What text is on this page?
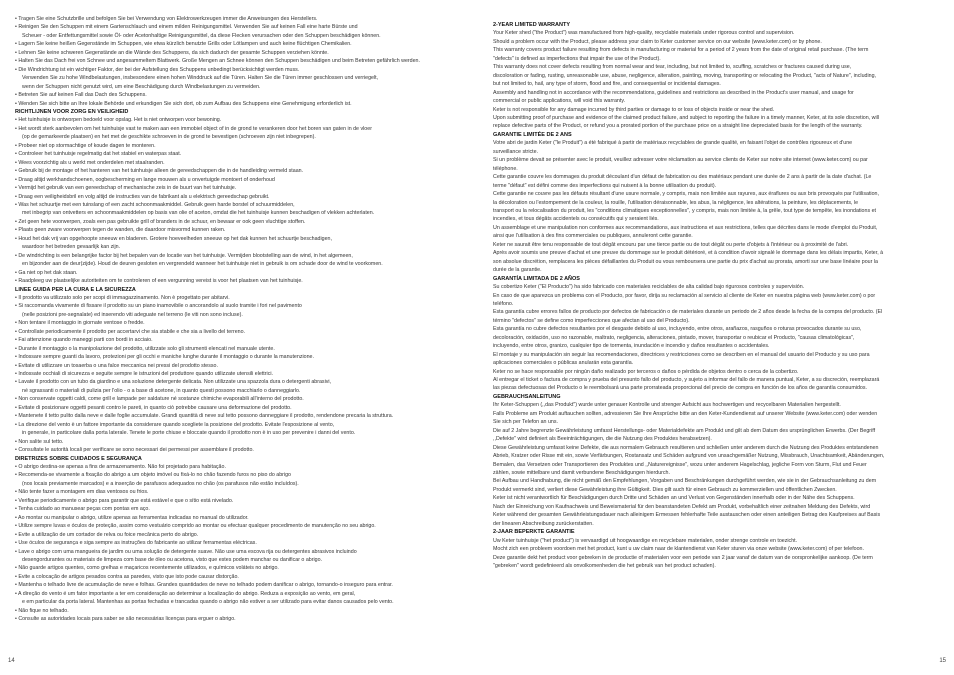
• Tragen Sie eine Schutzbrille und befolgen Sie bei Verwendung von Elektrowerkzeugen immer die Anweisungen des Herstellers.
• Reinigen Sie den Schuppen mit einem Gartenschlauch und einem milden Reinigungsmittel. Verwenden Sie auf keinen Fall eine harte Bürste und
Scheuer - oder Entfettungsmittel sowie Öl- oder Acetonhaltige Reinigungsmittel, da diese Flecken verursachen oder den Schuppen beschädigen können.
• Lagern Sie keine heißen Gegenstände im Schuppen, wie etwa kürzlich benutzte Grills oder Lötlampen und auch keine flüchtigen Chemikalien.
• Lehnen Sie keine schweren Gegenstände an die Wände des Schuppens, da sich dadurch der gesamte Schuppen verziehen könnte.
• Halten Sie das Dach frei von Schnee und angesammeltem Blattwerk. Große Mengen an Schnee können den Schuppen beschädigen und beim Betreten gefährlich werden.
• Die Windrichtung ist ein wichtiger Faktor, der bei der Aufstellung des Schuppens unbedingt berücksichtigt werden muss.
Verwenden Sie zu hohe Windbelastungen, insbesondere einen hohen Winddruck auf die Türen. Halten Sie die Türen immer geschlossen und verriegelt,
wenn der Schuppen nicht genutzt wird, um eine Beschädigung durch Windbelastungen zu vermeiden.
• Betreten Sie auf keinen Fall das Dach des Schuppens.
• Wenden Sie sich bitte an Ihre lokale Behörde und erkundigen Sie sich dort, ob zum Aufbau des Schuppens eine Genehmigung erforderlich ist.
RICHTLIJNEN VOOR ZORG EN VEILIGHEID
• Het tuinhuisje is ontworpen bedoeld voor opslag. Het is niet ontworpen voor bewoning.
• Het wordt sterk aanbevolen om het tuinhuisje vast te maken aan een immobiel object of in de grond te verankeren door het boren van gaten in de vloer
(op de gemarkeerde plaatsen) en het met de geschikte schroeven in de grond te bevestigen (schroeven zijn niet inbegrepen).
• Probeer niet op stormachtige of koude dagen te monteren.
• Controleer het tuinhuisje regelmatig dat het stabiel en waterpas staat.
• Wees voorzichtig als u werkt met onderdelen met staalranden.
• Gebruik bij de montage of het hanteren van het tuinhuisje alleen de gereedschappen die in de handleiding vermeld staan.
• Draag altijd werkhandschoenen, oogbescherming en lange mouwen als u onvertuigde montoert of onderhoud
• Vermijd het gebruik van een gereedschap of mechanische zeis in de buurt van het tuinhuisje.
• Draag een veiligheidsbril en volg altijd de instructies van de fabrikant als u elektrisch gereedschap gebruikt.
• Was het schuurtje met een tuinslang of een zacht schoonmaakmiddel. Gebruik geen harde borstel of schuurmiddelen,
met inbegrip van ontvetters en schoonmaakmiddelen op basis van olie of aceton, omdat die het tuinhuisje kunnen beschadigen of vlekken achterlaten.
• Zet geen hete voorwerpen, zoals een pas gebruikte grill of branders in de schuur, en bewaar er ook geen vluchtige stoffen.
• Plaats geen zware voorwerpen tegen de wanden, die daardoor misvormd kunnen raken.
• Houd het dak vrij van opgehoopte sneeuw en bladeren. Grotere hoeveelheden sneeuw op het dak kunnen het schuurtje beschadigen,
waardoor het betreden gevaarlijk kan zijn.
• De windrichting is een belangrijke factor bij het bepalen van de locatie van het tuinhuisje. Vermijden blootstelling aan de wind, in het algemeen,
en bijzonder aan de deur(zijde). Houd de deuren gesloten en vergrendeld wanneer het tuinhuisje niet in gebruik is om schade door de wind te voorkomen.
• Ga niet op het dak staan.
• Raadpleeg uw plaatselijke autoriteiten om te controleren of een vergunning vereist is voor het plaatsen van het tuinhuisje.
LINEE GUIDA PER LA CURA E LA SICUREZZA
• Il prodotto va utilizzato solo per scopi di immagazzinamento. Non è progettato per abitarvi.
• Si raccomanda vivamente di fissare il prodotto su un piano inamovibile o ancorandolo al suolo tramite i fori nel pavimento
(nelle posizioni pre-segnalate) ed inserendo viti adeguate nel terreno (le viti non sono incluse).
• Non tentare il montaggio in giornate ventose o fredde.
• Controllate periodicamente il prodotto per accertarvi che sia stabile e che sia a livello del terreno.
• Fai attenzione quando maneggi parti con bordi in acciaio.
• Durante il montaggio o la manipolazione del prodotto, utilizzate solo gli strumenti elencati nel manuale utente.
• Indossare sempre guanti da lavoro, protezioni per gli occhi e maniche lunghe durante il montaggio o durante la manutenzione.
• Evitate di utilizzare un tosaerba o una falce meccanica nei pressi del prodotto stesso.
• Indossate occhiali di sicurezza e seguite sempre le istruzioni del produttore quando utilizzate utensili elettrici.
• Lavate il prodotto con un tubo da giardino e una soluzione detergente delicata. Non utilizzate una spazzola dura o detergenti abrasivi,
né sgrassanti o materiali di pulizia per l'olio - o a base di acetone, in quanto questi possono macchiarlo o danneggiarlo.
• Non conservate oggetti caldi, come grill e lampade per saldature né sostanze chimiche evaporabili all'interno del prodotto.
• Evitate di posizionare oggetti pesanti contro le pareti, in quanto ciò potrebbe causare una deformazione del prodotto.
• Mantenete il tetto pulito dalla neve e dalle foglie accumulate. Grandi quantità di neve sul tetto possono danneggiare il prodotto, rendendone precaria la struttura.
• La direzione del vento è un fattore importante da considerare quando scegliete la posizione del prodotto. Evitate l'esposizione al vento,
in generale, in particolare dalla porta laterale. Tenete le porte chiuse e bloccate quando il prodotto non è in uso per prevenire i danni del vento.
• Non salite sul tetto.
• Consultate le autorità locali per verificare se sono necessari dei permessi per assemblare il prodotto.
DIRETRIZES SOBRE CUIDADOS E SEGURANÇA
• O abrigo destina-se apenas a fins de armazenamento. Não foi projetado para habitação.
• Recomenda-se vivamente a fixação do abrigo a um objeto imóvel ou fixá-lo no chão fazendo furos no piso do abrigo
(nos locais previamente marcados) e a inserção de parafusos adequados no chão (os parafusos não estão incluídos).
• Não tente fazer a montagem em dias ventosos ou frios.
• Verifique periodicamente o abrigo para garantir que está estável e que o sítio está nivelado.
• Tenha cuidado ao manusear peças com pontas em aço.
• Ao montar ou manipular o abrigo, utilize apenas as ferramentas indicadas no manual do utilizador.
• Utilize sempre luvas e óculos de proteção, assim como vestuário comprido ao montar ou efectuar qualquer procedimento de manutenção no seu abrigo.
• Evite a utilização de um cortador de relva ou foice mecânica perto do abrigo.
• Use óculos de segurança e siga sempre as instruções do fabricante ao utilizar ferramentas eléctricas.
• Lave o abrigo com uma mangueira de jardim ou uma solução de detergente suave. Não use uma escova rija ou detergentes abrasivos incluindo
desengordurantes ou materiais de limpeza com base de óleo ou acetona, visto que estes podem manchar ou danificar o abrigo.
• Não guarde artigos quentes, como grelhas e maçaricos recentemente utilizados, e químicos voláteis no abrigo.
• Evite a colocação de artigos pesados contra as paredes, visto que isto pode causar distorção.
• Mantenha o telhado livre de acumulação de neve e folhas. Grandes quantidades de neve no telhado podem danificar o abrigo, tornando-o inseguro para entrar.
• A direção do vento é um fator importante a ter em consideração ao determinar a localização do abrigo. Reduza a exposição ao vento, em geral,
e em particular da porta lateral. Mantenhas as portas fechadas e trancadas quando o abrigo não estiver a ser utilizado para evitar danos causados pelo vento.
• Não fique no telhado.
• Consulte as autoridades locais para saber se são necessárias licenças para erguer o abrigo.
14
2-YEAR LIMITED WARRANTY
Your Keter shed ("the Product") was manufactured from high-quality, recyclable materials under rigorous control and supervision.
Should a problem occur with the Product, please address your claim to Keter customer service on our website (www.keter.com) or by phone.
This warranty covers product failure resulting from defects in manufacturing or material for a period of 2 years from the date of original retail purchase. (The term
"defects" is defined as imperfections that impair the use of the Product).
This warranty does not cover defects resulting from normal wear and tear, including, but not limited to, scuffing, scratches or fractures caused during use,
discoloration or fading, rusting, unreasonable use, abuse, negligence, alteration, painting, moving, transporting or relocating the Product, "acts of Nature", including,
but not limited to, hail, any type of storm, flood and fire, and consequential or incidental damages.
Assembly and handling not in accordance with the recommendations, guidelines and restrictions as described in the Product's user manual, and usage for
commercial or public applications, will void this warranty.
Keter is not responsible for any damage incurred by third parties or damage to or loss of objects inside or near the shed.
Upon submitting proof of purchase and evidence of the claimed product failure, and subject to reporting the failure in a timely manner, Keter, at its sole discretion, will
replace defective parts of the Product, or refund you a prorated portion of the purchase price on a straight line depreciated basis for the length of the warranty.
GARANTIE LIMITÉE DE 2 ANS
Votre abri de jardin Keter ("le Produit") a été fabriqué à partir de matériaux recyclables de grande qualité, en faisant l'objet de contrôles rigoureux et d'une
surveillance stricte.
Si un problème devait se présenter avec le produit, veuillez adresser votre réclamation au service clients de Keter sur notre site internet (www.keter.com) ou par
téléphone.
Cette garantie couvre les dommages du produit découlant d'un défaut de fabrication ou des matériaux pendant une durée de 2 ans à partir de la date d'achat. (Le
terme "défaut" est défini comme des imperfections qui nuisent à la bonne utilisation du produit).
Cette garantie ne couvre pas les défauts résultant d'une usure normale, y compris, mais non limitée aux rayures, aux éraflures ou aux bris provoqués par l'utilisation,
la décoloration ou l'estompement de la couleur, la rouille, l'utilisation déraisonnable, les abus, la négligence, les altérations, la peinture, les déplacements, le
transport ou la relocalisation du produit, les "conditions climatiques exceptionnelles", y compris, mais non limitée à, la grêle, tout type de tempête, les inondations et
incendies, et tous dégâts accidentels ou consécutifs qui y seraient liés.
Un assemblage et une manipulation non conformes aux recommandations, aux instructions et aux restrictions, telles que décrites dans le mode d'emploi du Produit,
ainsi que l'utilisation à des fins commerciales ou publiques, annuleront cette garantie.
Keter ne saurait être tenu responsable de tout dégât encouru par une tierce partie ou de tout dégât ou perte d'objets à l'intérieur ou à proximité de l'abri.
Après avoir soumis une preuve d'achat et une preuve du dommage sur le produit détérioré, et à condition d'avoir signalé le dommage dans les délais impartis, Keter, à
son absolue discrétion, remplacera les pièces défaillantes du Produit ou vous remboursera une partie du prix d'achat au prorata, amorti sur une base linéaire pour la
durée de la garantie.
GARANTÍA LIMITADA DE 2 AÑOS
Su cobertizo Keter ("El Producto") ha sido fabricado con materiales reciclables de alta calidad bajo rigurosos controles y supervisión.
En caso de que aparezca un problema con el Producto, por favor, dirija su reclamación al servicio al cliente de Keter en nuestra página web (www.keter.com) o por
teléfono.
Esta garantía cubre errores fallos de producto por defectos de fabricación o de materiales durante un periodo de 2 años desde la fecha de la compra del producto. (El
término "defectos" se define como imperfecciones que afectan al uso del Producto).
Esta garantía no cubre defectos resultantes por el desgaste debido al uso, incluyendo, entre otros, arañazos, rasguños o roturas provocados durante su uso,
decoloración, oxidación, uso no razonable, maltrato, negligencia, alteraciones, pintado, mover, transportar o reubicar el Producto, "causas climatológicas",
incluyendo, entre otros, granizo, cualquier tipo de tormenta, inundación e incendio y daños resultantes o accidentales.
El montaje y su manipulación sin seguir las recomendaciones, directrices y restricciones como se describen en el manual del usuario del Producto y su uso para
aplicaciones comerciales o públicas anularán esta garantía.
Keter no se hace responsable por ningún daño realizado por terceros o daños o pérdida de objetos dentro o cerca de la cobertizo.
Al entregar el ticket o factura de compra y prueba del presunto fallo del producto, y sujeto a informar del fallo de manera puntual, Keter, a su discreción, reemplazará
las piezas defectuosas del Producto o le reembolsará una parte prorrateada proporcional del precio de compra en función de los años de garantía consumidos.
GEBRAUCHSANLEITUNG
Ihr Keter-Schuppen (,,das Produkt") wurde unter genauer Kontrolle und strenger Aufsicht aus hochwertigen und recycelbaren Materialien hergestellt.
Falls Probleme am Produkt auftauchen sollten, adressieren Sie Ihre Ansprüche bitte an den Keter-Kundendienst auf unserer Website (www.keter.com) oder wenden
Sie sich per Telefon an uns.
Die auf 2 Jahre begrenzte Gewährleistung umfasst Herstellungs- oder Materialdefekte am Produkt und gilt ab dem Datum des ursprünglichen Erwerbs. (Der Begriff
,,Defekte" wird definiert als Beeinträchtigungen, die die Nutzung des Produktes herabsetzen).
Diese Gewährleistung umfasst keine Defekte, die aus normalem Gebrauch resultieren und schließen unter anderem durch die Nutzung des Produktes entstandenen
Abrieb, Kratzer oder Risse mit ein, sowie Verfärbungen, Rostansatz und Schäden aufgrund von unsachgemäßer Nutzung, Missbrauch, Unachtsamkeit, Abänderungen,
Bemalen, das Versetzen oder Transportieren des Produktes und ,,Naturereignisse", wozu unter anderem Hagelschlag, jegliche Form von Sturm, Flut und Feuer
zählen, sowie mittelbare und damit verbundene Beschädigungen hierdurch.
Bei Aufbau und Handhabung, die nicht gemäß den Empfehlungen, Vorgaben und Beschränkungen durchgeführt werden, wie sie in der Gebrauchsanleitung zu dem
Produkt vermerkt sind, verliert diese Gewährleistung ihre Gültigkeit. Dies gilt auch für einen Gebrauch zu kommerziellen und öffentlichen Zwecken.
Keter ist nicht verantwortlich für Beschädigungen durch Dritte und Schäden an und Verlust von Gegenständen innerhalb oder in der Nähe des Schuppens.
Nach der Einreichung von Kaufnachweis und Beweismaterial für den beanstandeten Defekt am Produkt, vorbehaltlich einer zeitnahen Meldung des Defekts, wird
Keter während der gesamten Gewährleistungsdauer nach alleinigem Ermessen fehlerhafte Teile austauschen oder einen anteiligen Betrag des Kaufpreises auf Basis
der linearen Abschreibung zurückerstatten.
2-JAAR BEPERKTE GARANTIE
Uw Keter tuinhuisje ("het product") is vervaardigd uit hoogwaardige en recyclebare materialen, onder strenge controle en toezicht.
Mocht zich een probleem voordoen met het product, kunt u uw claim naar de klantendienst van Keter sturen via onze website (www.keter.com) of per telefoon.
Deze garantie dekt het product voor gebreken in de productie of materialen voor een periode van 2 jaar vanaf de datum van de oorspronkelijke aankoop. (De term
"gebreken" wordt gedefinieerd als onvolkomenheden die het gebruik van het product schaden).
15
